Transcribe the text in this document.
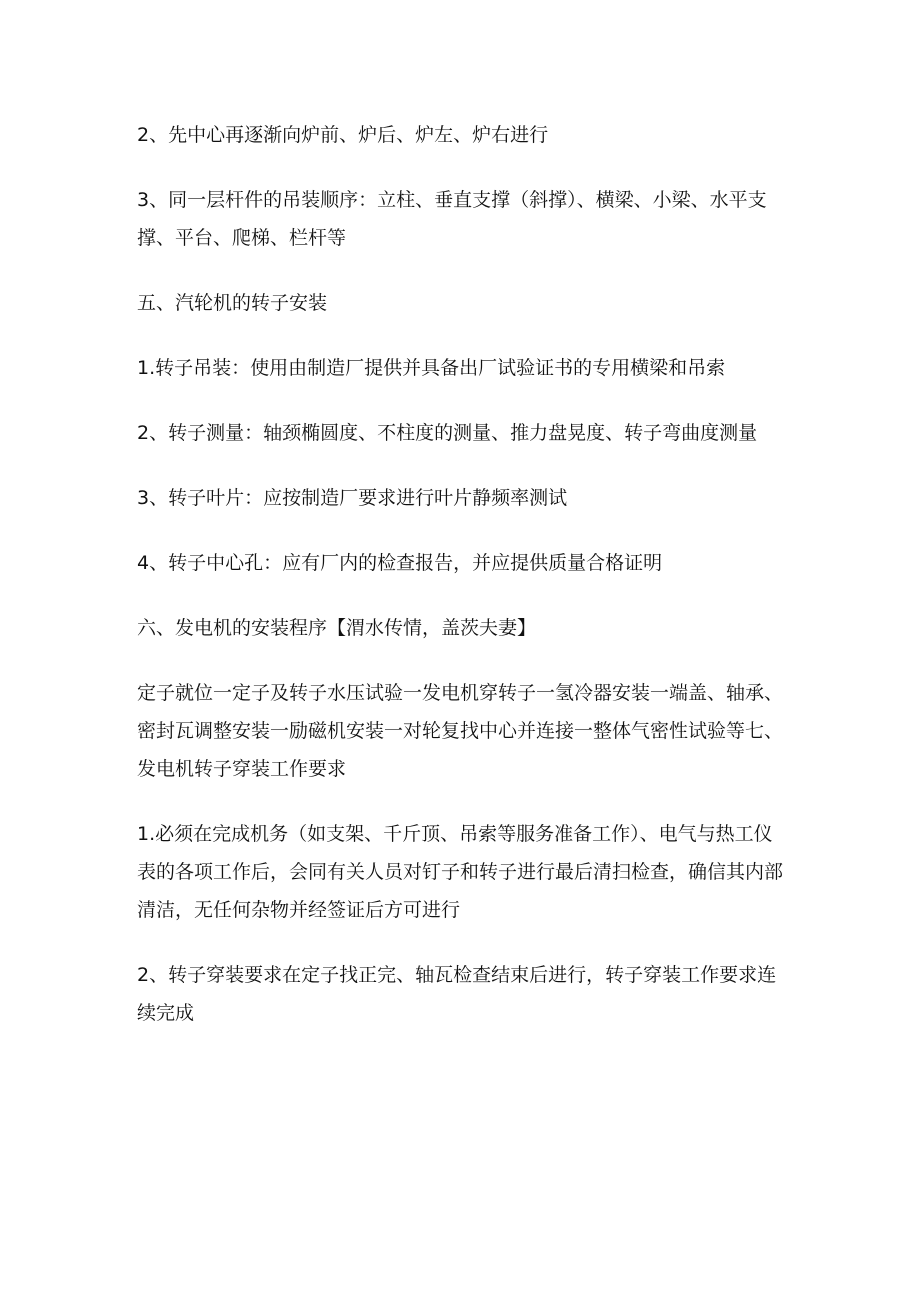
2、先中心再逐渐向炉前、炉后、炉左、炉右进行

3、同一层杆件的吊装顺序：立柱、垂直支撑（斜撑）、横梁、小梁、水平支撑、平台、爬梯、栏杆等

五、汽轮机的转子安装

1.转子吊装：使用由制造厂提供并具备出厂试验证书的专用横梁和吊索

2、转子测量：轴颈椭圆度、不柱度的测量、推力盘晃度、转子弯曲度测量

3、转子叶片：应按制造厂要求进行叶片静频率测试

4、转子中心孔：应有厂内的检查报告，并应提供质量合格证明

六、发电机的安装程序【渭水传情，盖茨夫妻】

定子就位一定子及转子水压试验一发电机穿转子一氢冷器安装一端盖、轴承、密封瓦调整安装一励磁机安装一对轮复找中心并连接一整体气密性试验等七、发电机转子穿装工作要求

1.必须在完成机务（如支架、千斤顶、吊索等服务准备工作）、电气与热工仪表的各项工作后，会同有关人员对钉子和转子进行最后清扫检查，确信其内部清洁，无任何杂物并经签证后方可进行

2、转子穿装要求在定子找正完、轴瓦检查结束后进行，转子穿装工作要求连续完成
